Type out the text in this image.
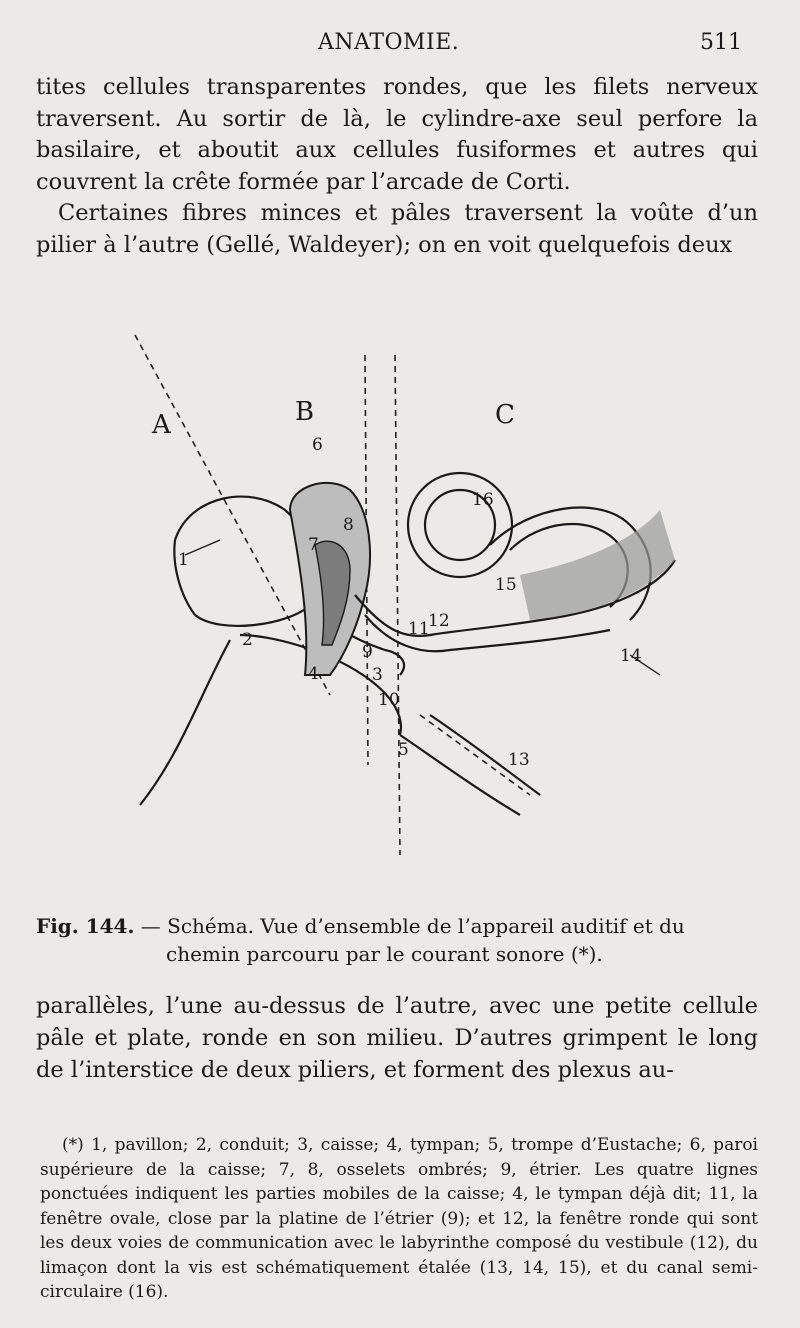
ANATOMIE.	511

tites cellules transparentes rondes, que les filets nerveux traversent. Au sortir de là, le cylindre-axe seul perfore la basilaire, et aboutit aux cellules fusiformes et autres qui couvrent la crête formée par l’arcade de Corti.

Certaines fibres minces et pâles traversent la voûte d’un pilier à l’autre (Gellé, Waldeyer); on en voit quelquefois deux

A	B	C
1
2
3
4
5
6
7
8
9
10
11
12
13
14
15
16

Fig. 144. — Schéma. Vue d’ensemble de l’appareil auditif et du

chemin parcouru par le courant sonore (*).

parallèles, l’une au-dessus de l’autre, avec une petite cellule pâle et plate, ronde en son milieu. D’autres grimpent le long de l’interstice de deux piliers, et forment des plexus au-

(*) 1, pavillon; 2, conduit; 3, caisse; 4, tympan; 5, trompe d’Eustache; 6, paroi supérieure de la caisse; 7, 8, osselets ombrés; 9, étrier. Les quatre lignes ponctuées indiquent les parties mobiles de la caisse; 4, le tympan déjà dit; 11, la fenêtre ovale, close par la platine de l’étrier (9); et 12, la fenêtre ronde qui sont les deux voies de communication avec le labyrinthe composé du vestibule (12), du limaçon dont la vis est schématiquement étalée (13, 14, 15), et du canal semi-circulaire (16).
